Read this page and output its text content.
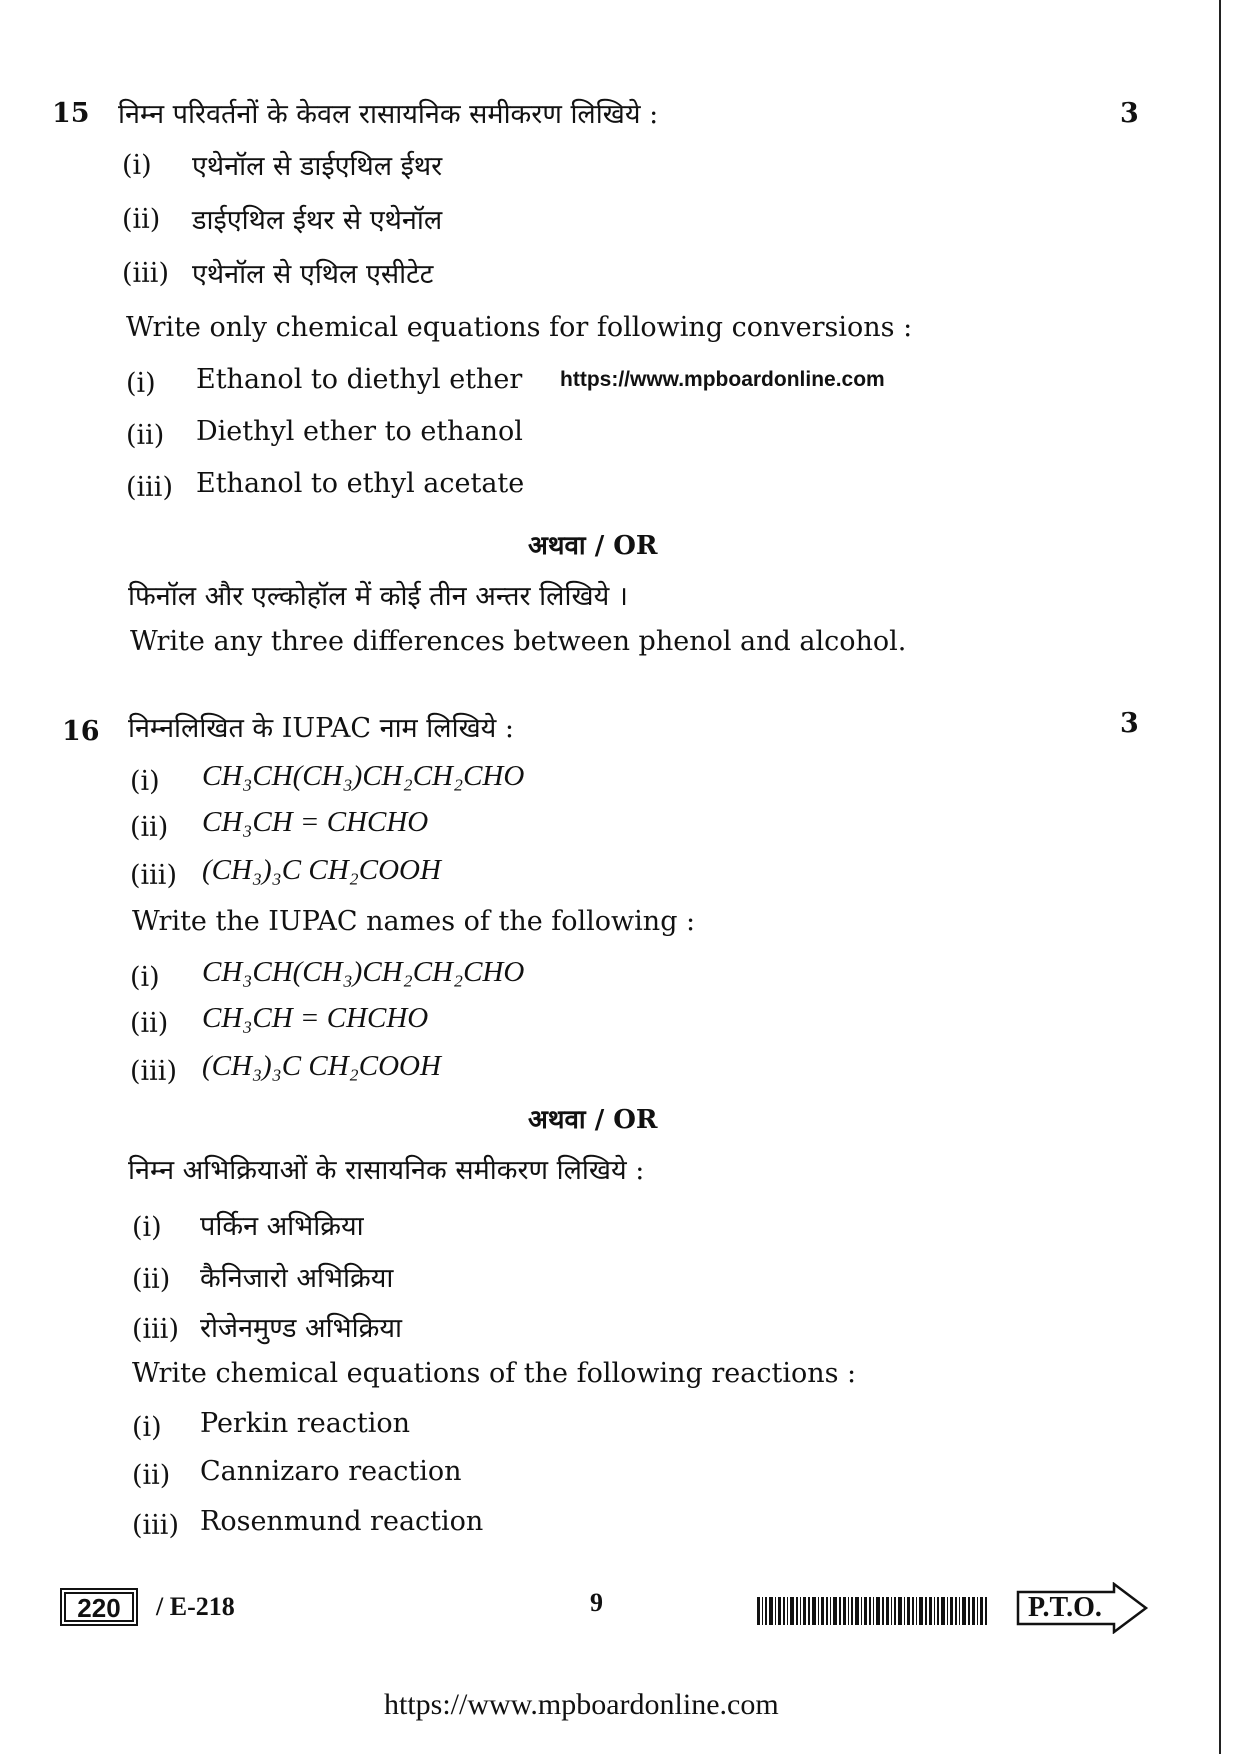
15 निम्न परिवर्तनों के केवल रासायनिक समीकरण लिखिये :	3
(i) एथेनॉल से डाईएथिल ईथर
(ii) डाईएथिल ईथर से एथेनॉल
(iii) एथेनॉल से एथिल एसीटेट
Write only chemical equations for following conversions :
(i) Ethanol to diethyl ether https://www.mpboardonline.com
(ii) Diethyl ether to ethanol
(iii) Ethanol to ethyl acetate
अथवा / OR
फिनॉल और एल्कोहॉल में कोई तीन अन्तर लिखिये ।
Write any three differences between phenol and alcohol.
16 निम्नलिखित के IUPAC नाम लिखिये :	3
(i) CH₃CH(CH₃)CH₂CH₂CHO
(ii) CH₃CH = CHCHO
(iii) (CH₃)₃C CH₂COOH
Write the IUPAC names of the following :
(i) CH₃CH(CH₃)CH₂CH₂CHO
(ii) CH₃CH = CHCHO
(iii) (CH₃)₃C CH₂COOH
अथवा / OR
निम्न अभिक्रियाओं के रासायनिक समीकरण लिखिये :
(i) पर्किन अभिक्रिया
(ii) कैनिजारो अभिक्रिया
(iii) रोजेनमुण्ड अभिक्रिया
Write chemical equations of the following reactions :
(i) Perkin reaction
(ii) Cannizaro reaction
(iii) Rosenmund reaction
220	/ E-218	9	P.T.O.
https://www.mpboardonline.com
